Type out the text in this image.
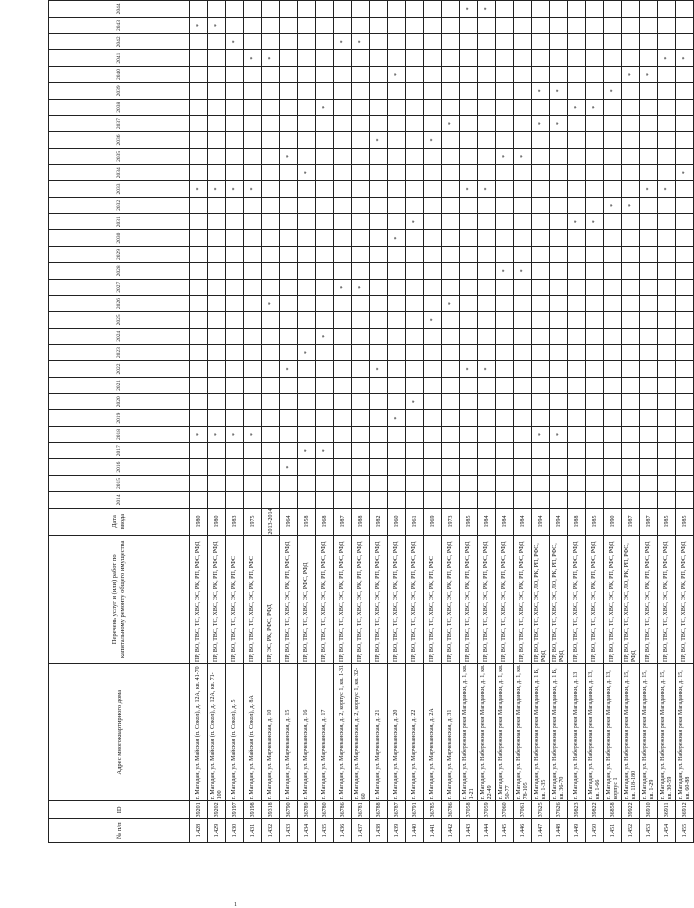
№ п/п	ID	Адрес многоквартирного дома	Перечень услуг и (или) работ по капитальному ремонту общего имущества	Дата ввода	2014	2015	2016	2017	2018	2019	2020	2021	2022	2023	2024	2025	2026	2027	2028	2029	2030	2031	2032	2033	2034	2035	2036	2037	2038	2039	2040	2041	2042	2043	2044
1.428	39201	г. Магадан, ул. Майская (п. Сокол), д. 12А, кв. 41-70	ПР, ВО, ТВС, ТС, ХВС, ЭС, РК, РП, РФС, РФД	1980					*															*										*	
1.429	39202	г. Магадан, ул. Майская (п. Сокол), д. 12А, кв. 71-100	ПР, ВО, ТВС, ТС, ХВС, ЭС, РК, РП, РФС, РФД	1980					*															*										*	
1.430	39197	г. Магадан, ул. Майская (п. Сокол), д. 5	ПР, ВО, ТВС, ТС, ХВС, ЭС, РК, РП, РФС	1983					*															*									*		
1.431	39198	г. Магадан, ул. Майская (п. Сокол), д. 8А	ПР, ВО, ТВС, ТС, ХВС, ЭС, РК, РП, РФС	1975					*															*								*			
1.432	39318	г. Магадан, ул. Марчеканская, д. 10	ПР, ЭС, РК, РФС, РФД	2013-2014													*															*			
1.433	36790	г. Магадан, ул. Марчеканская, д. 15	ПР, ВО, ТВС, ТС, ХВС, ЭС, РК, РП, РФС, РФД	1964			*						*													*									
1.434	36789	г. Магадан, ул. Марчеканская, д. 16	ПР, ВО, ТВС, ТС, ХВС, ЭС, РФС, РФД	1958				*						*											*										
1.435	36780	г. Магадан, ул. Марчеканская, д. 17	ПР, ВО, ТВС, ТС, ХВС, ЭС, РК, РП, РФС, РФД	1968				*							*														*						
1.436	36786	г. Магадан, ул. Марчеканская, д. 2, корпус 1, кв. 1-31	ПР, ВО, ТВС, ТС, ХВС, ЭС, РК, РП, РФС, РФД	1987														*															*		
1.437	36781	г. Магадан, ул. Марчеканская, д. 2, корпус 1, кв. 32-60	ПР, ВО, ТВС, ТС, ХВС, ЭС, РК, РП, РФС, РФД	1988														*															*		
1.438	36788	г. Магадан, ул. Марчеканская, д. 21	ПР, ВО, ТВС, ТС, ХВС, ЭС, РК, РП, РФС, РФД	1982									*														*								
1.439	36787	г. Магадан, ул. Марчеканская, д. 20	ПР, ВО, ТВС, ТС, ХВС, ЭС, РК, РП, РФС, РФД	1960						*											*										*				
1.440	36791	г. Магадан, ул. Марчеканская, д. 22	ПР, ВО, ТВС, ТС, ХВС, ЭС, РК, РП, РФС, РФД	1961							*											*													
1.441	36785	г. Магадан, ул. Марчеканская, д. 2А	ПР, ВО, ТВС, ТС, ХВС, ЭС, РК, РП, РФС	1969												*											*								
1.442	36786	г. Магадан, ул. Марчеканская, д. 31	ПР, ВО, ТВС, ТС, ХВС, ЭС, РК, РП, РФС, РФД	1973													*											*							
1.443	37058	г. Магадан, ул. Набережная реки Магаданки, д. 1, кв. 1-21	ПР, ВО, ТВС, ТС, ХВС, ЭС, РК, РП, РФС, РФД	1985									*											*											*
1.444	37059	г. Магадан, ул. Набережная реки Магаданки, д. 1, кв. 22-49	ПР, ВО, ТВС, ТС, ХВС, ЭС, РК, РП, РФС, РФД	1984									*											*											*
1.445	37060	г. Магадан, ул. Набережная реки Магаданки, д. 1, кв. 50-77	ПР, ВО, ТВС, ТС, ХВС, ЭС, РК, РП, РФС, РФД	1984															*							*									
1.446	37061	г. Магадан, ул. Набережная реки Магаданки, д. 1, кв. 78-105	ПР, ВО, ТВС, ТС, ХВС, ЭС, РК, РП, РФС, РФД	1984															*							*									
1.447	37625	г. Магадан, ул. Набережная реки Магаданки, д. 1 Б, кв. 1-35	ПР, ВО, ТВС, ТС, ХВС, ЭС, ЛО, РК, РП, РФС, РФД	1994					*																			*		*					
1.448	37626	г. Магадан, ул. Набережная реки Магаданки, д. 1 Б, кв. 36-70	ПР, ВО, ТВС, ТС, ХВС, ЭС, ЛО, РК, РП, РФС, РФД	1994					*																			*		*					
1.449	39823	г. Магадан, ул. Набережная реки Магаданки, д. 13	ПР, ВО, ТВС, ТС, ХВС, ЭС, РК, РП, РФС, РФД	1988																		*							*						
1.450	39822	г. Магадан, ул. Набережная реки Магаданки, д. 13, кв. 1-66	ПР, ВО, ТВС, ТС, ХВС, ЭС, РК, РП, РФС, РФД	1985																		*							*						
1.451	36858	г. Магадан, ул. Набережная реки Магаданки, д. 13, корпус 1	ПР, ВО, ТВС, ТС, ХВС, ЭС, РК, РП, РФС, РФД	1990																			*							*					
1.452	39922	г. Магадан, ул. Набережная реки Магаданки, д. 15, кв. 118-180	ПР, ВО, ТВС, ТС, ХВС, ЭС, ЛО, РК, РП, РФС, РФД	1987																			*								*				
1.453	36910	г. Магадан, ул. Набережная реки Магаданки, д. 15, кв. 1-29	ПР, ВО, ТВС, ТС, ХВС, ЭС, РК, РП, РФС, РФД	1987																				*							*				
1.454	36911	г. Магадан, ул. Набережная реки Магаданки, д. 15, кв. 30-59	ПР, ВО, ТВС, ТС, ХВС, ЭС, РК, РП, РФС, РФД	1985																				*								*			
1.455	36912	г. Магадан, ул. Набережная реки Магаданки, д. 15, кв. 60-88	ПР, ВО, ТВС, ТС, ХВС, ЭС, РК, РП, РФС, РФД	1985																					*							*			
1
